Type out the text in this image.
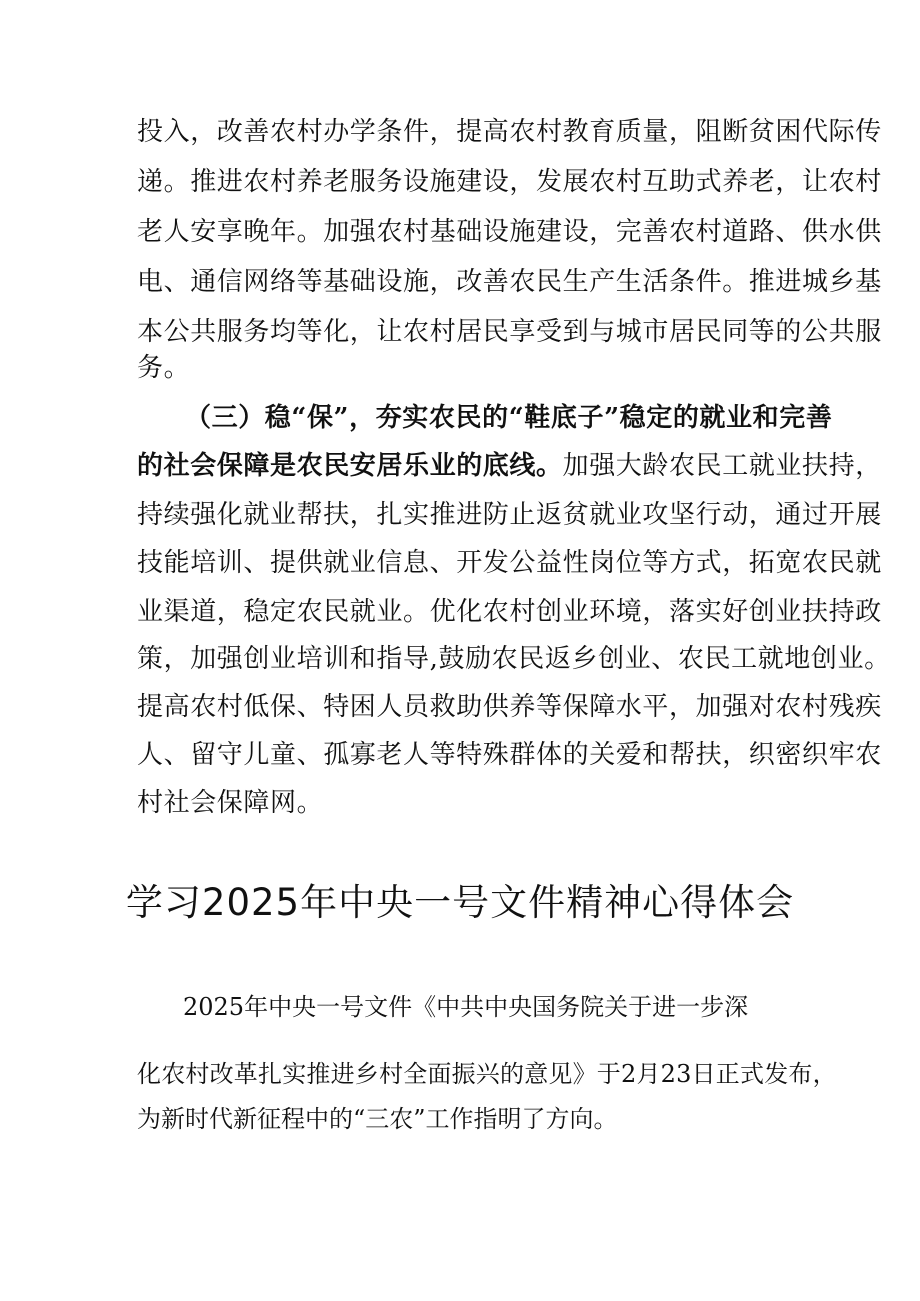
投入，改善农村办学条件，提高农村教育质量，阻断贫困代际传
递。推进农村养老服务设施建设，发展农村互助式养老，让农村
老人安享晚年。加强农村基础设施建设，完善农村道路、供水供
电、通信网络等基础设施，改善农民生产生活条件。推进城乡基
本公共服务均等化，让农村居民享受到与城市居民同等的公共服
务。
（三）稳“保”，夯实农民的“鞋底子”稳定的就业和完善
的社会保障是农民安居乐业的底线。加强大龄农民工就业扶持，
持续强化就业帮扶，扎实推进防止返贫就业攻坚行动，通过开展
技能培训、提供就业信息、开发公益性岗位等方式，拓宽农民就
业渠道，稳定农民就业。优化农村创业环境，落实好创业扶持政
策，加强创业培训和指导,鼓励农民返乡创业、农民工就地创业。
提高农村低保、特困人员救助供养等保障水平，加强对农村残疾
人、留守儿童、孤寡老人等特殊群体的关爱和帮扶，织密织牢农
村社会保障网。
学习2025年中央一号文件精神心得体会
2025年中央一号文件《中共中央国务院关于进一步深
化农村改革扎实推进乡村全面振兴的意见》于2月23日正式发布，
为新时代新征程中的“三农”工作指明了方向。
